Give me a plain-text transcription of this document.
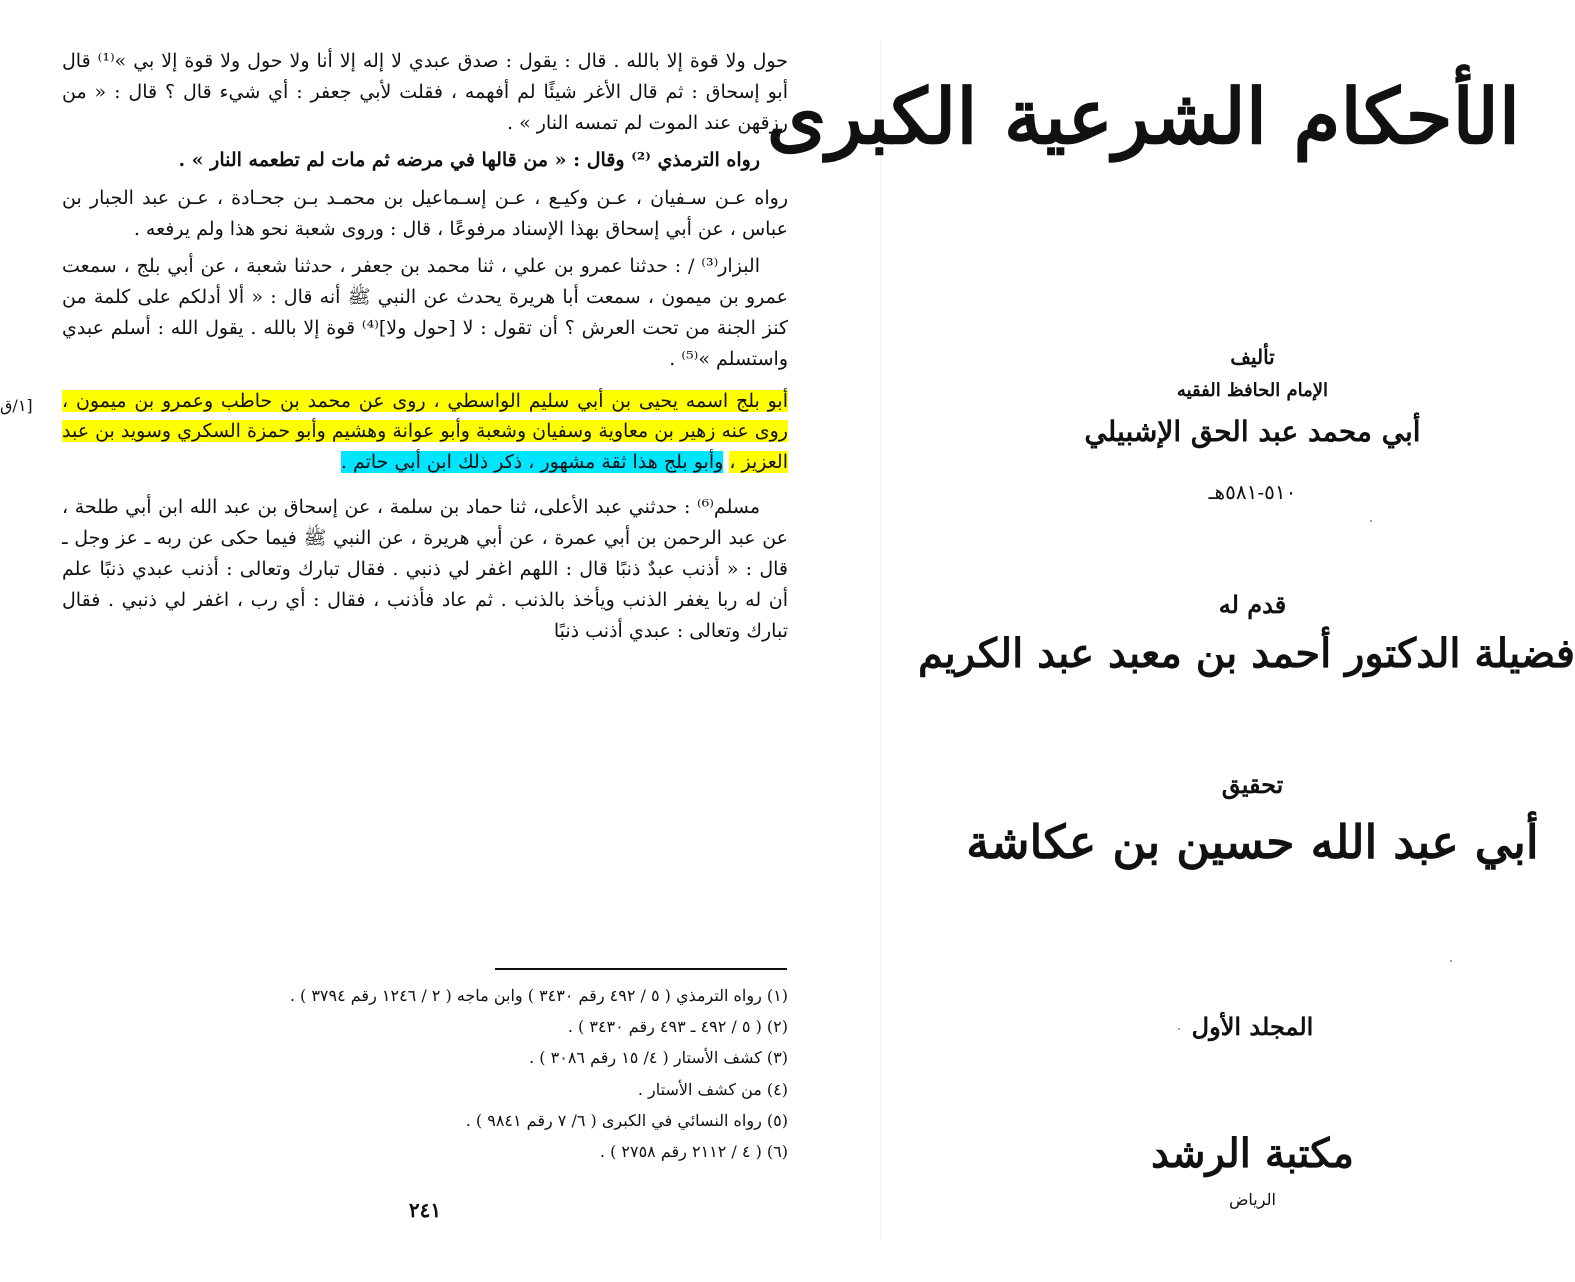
حول ولا قوة إلا بالله . قال : يقول : صدق عبدي لا إله إلا أنا ولا حول ولا قوة إلا بي »⁽¹⁾ قال أبو إسحاق : ثم قال الأغر شيئًا لم أفهمه ، فقلت لأبي جعفر : أي شيء قال ؟ قال : « من رزقهن عند الموت لم تمسه النار » .

رواه الترمذي ⁽²⁾ وقال : « من قالها في مرضه ثم مات لم تطعمه النار » .

رواه عـن سـفيان ، عـن وكيـع ، عـن إسـماعيل بن محمـد بـن جحـادة ، عـن عبد الجبار بن عباس ، عن أبي إسحاق بهذا الإسناد مرفوعًا ، قال : وروى شعبة نحو هذا ولم يرفعه .

البزار⁽³⁾ / : حدثنا عمرو بن علي ، ثنا محمد بن جعفر ، حدثنا شعبة ، عن أبي بلج ، سمعت عمرو بن ميمون ، سمعت أبا هريرة يحدث عن النبي ﷺ أنه قال : « ألا أدلكم على كلمة من كنز الجنة من تحت العرش ؟ أن تقول : لا [حول ولا]⁽⁴⁾ قوة إلا بالله . يقول الله : أسلم عبدي واستسلم »⁽⁵⁾ .

أبو بلج اسمه يحيى بن أبي سليم الواسطي ، روى عن محمد بن حاطب وعمرو بن ميمون ، روى عنه زهير بن معاوية وسفيان وشعبة وأبو عوانة وهشيم وأبو حمزة السكري وسويد بن عبد العزيز ، وأبو بلج هذا ثقة مشهور ، ذكر ذلك ابن أبي حاتم .

مسلم⁽⁶⁾ : حدثني عبد الأعلى، ثنا حماد بن سلمة ، عن إسحاق بن عبد الله ابن أبي طلحة ، عن عبد الرحمن بن أبي عمرة ، عن أبي هريرة ، عن النبي ﷺ فيما حكى عن ربه ـ عز وجل ـ قال : « أذنب عبدٌ ذنبًا قال : اللهم اغفر لي ذنبي . فقال تبارك وتعالى : أذنب عبدي ذنبًا علم أن له ربا يغفر الذنب ويأخذ بالذنب . ثم عاد فأذنب ، فقال : أي رب ، اغفر لي ذنبي . فقال تبارك وتعالى : عبدي أذنب ذنبًا

[١/ق
(١) رواه الترمذي ( ٥ / ٤٩٢ رقم ٣٤٣٠ ) وابن ماجه ( ٢ / ١٢٤٦ رقم ٣٧٩٤ ) .
(٢) ( ٥ / ٤٩٢ ـ ٤٩٣ رقم ٣٤٣٠ ) .
(٣) كشف الأستار ( ٤/ ١٥ رقم ٣٠٨٦ ) .
(٤) من كشف الأستار .
(٥) رواه النسائي في الكبرى ( ٦/ ٧ رقم ٩٨٤١ ) .
(٦) ( ٤ / ٢١١٢ رقم ٢٧٥٨ ) .
٢٤١
الأحكام الشرعية الكبرى
تأليف
الإمام الحافظ الفقيه
أبي محمد عبد الحق الإشبيلي
٥١٠-٥٨١هـ
قدم له
فضيلة الدكتور أحمد بن معبد عبد الكريم
تحقيق
أبي عبد الله حسين بن عكاشة
المجلد الأول
مكتبة الرشد
الرياض
